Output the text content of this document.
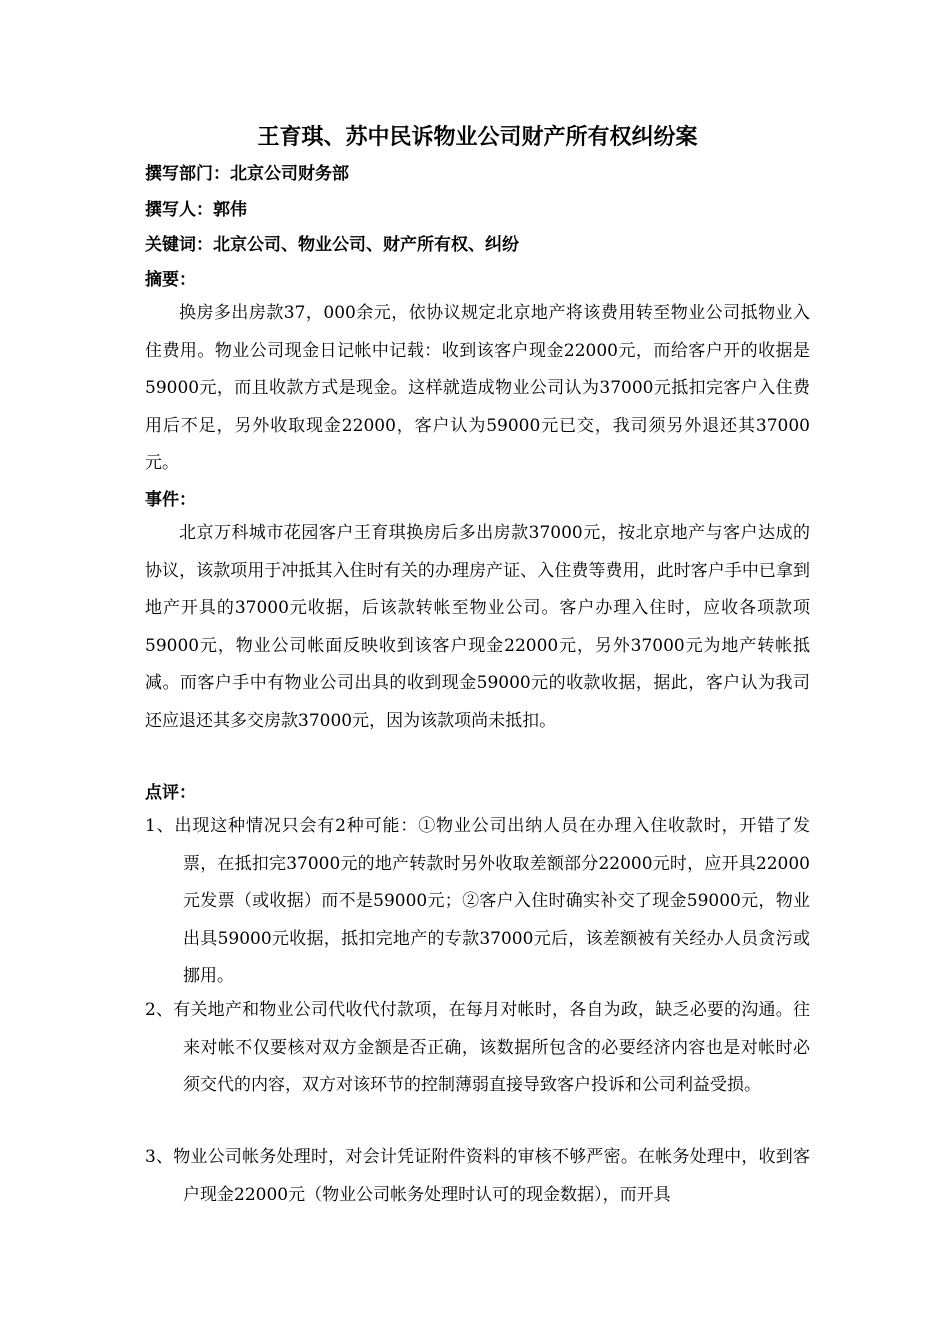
王育琪、苏中民诉物业公司财产所有权纠纷案
撰写部门：北京公司财务部
撰写人：郭伟
关键词：北京公司、物业公司、财产所有权、纠纷
摘要：

换房多出房款37，000余元，依协议规定北京地产将该费用转至物业公司抵物业入住费用。物业公司现金日记帐中记载：收到该客户现金22000元，而给客户开的收据是59000元，而且收款方式是现金。这样就造成物业公司认为37000元抵扣完客户入住费用后不足，另外收取现金22000，客户认为59000元已交，我司须另外退还其37000元。

事件：

北京万科城市花园客户王育琪换房后多出房款37000元，按北京地产与客户达成的协议，该款项用于冲抵其入住时有关的办理房产证、入住费等费用，此时客户手中已拿到地产开具的37000元收据，后该款转帐至物业公司。客户办理入住时，应收各项款项59000元，物业公司帐面反映收到该客户现金22000元，另外37000元为地产转帐抵减。而客户手中有物业公司出具的收到现金59000元的收款收据，据此，客户认为我司还应退还其多交房款37000元，因为该款项尚未抵扣。

点评：

1、出现这种情况只会有2种可能：①物业公司出纳人员在办理入住收款时，开错了发票，在抵扣完37000元的地产转款时另外收取差额部分22000元时，应开具22000元发票（或收据）而不是59000元；②客户入住时确实补交了现金59000元，物业出具59000元收据，抵扣完地产的专款37000元后，该差额被有关经办人员贪污或挪用。

2、有关地产和物业公司代收代付款项，在每月对帐时，各自为政，缺乏必要的沟通。往来对帐不仅要核对双方金额是否正确，该数据所包含的必要经济内容也是对帐时必须交代的内容，双方对该环节的控制薄弱直接导致客户投诉和公司利益受损。

3、物业公司帐务处理时，对会计凭证附件资料的审核不够严密。在帐务处理中，收到客户现金22000元（物业公司帐务处理时认可的现金数据），而开具
